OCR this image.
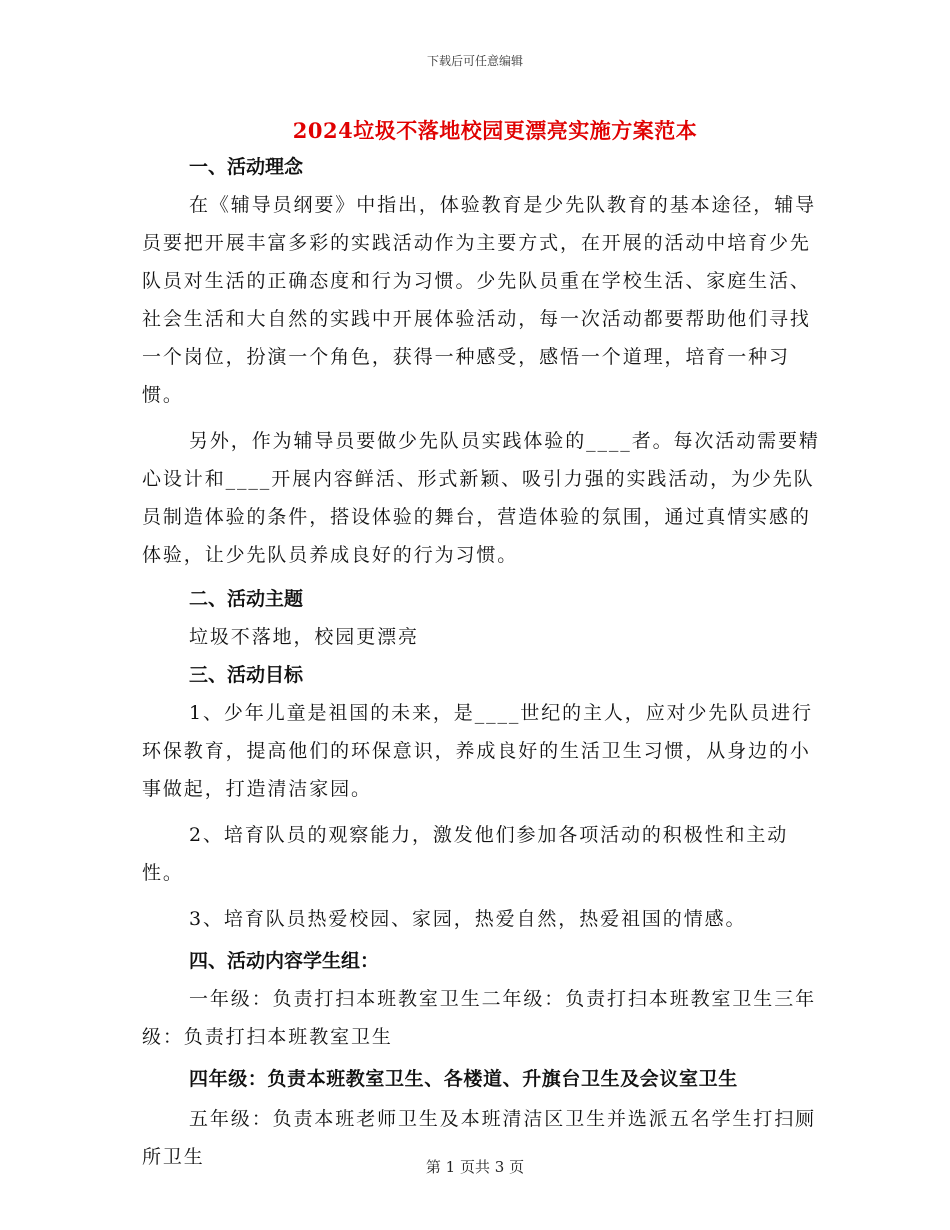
下载后可任意编辑
2024垃圾不落地校园更漂亮实施方案范本

一、活动理念

在《辅导员纲要》中指出，体验教育是少先队教育的基本途径，辅导员要把开展丰富多彩的实践活动作为主要方式，在开展的活动中培育少先队员对生活的正确态度和行为习惯。少先队员重在学校生活、家庭生活、社会生活和大自然的实践中开展体验活动，每一次活动都要帮助他们寻找一个岗位，扮演一个角色，获得一种感受，感悟一个道理，培育一种习惯。

另外，作为辅导员要做少先队员实践体验的____者。每次活动需要精心设计和____开展内容鲜活、形式新颖、吸引力强的实践活动，为少先队员制造体验的条件，搭设体验的舞台，营造体验的氛围，通过真情实感的体验，让少先队员养成良好的行为习惯。

二、活动主题

垃圾不落地，校园更漂亮

三、活动目标

1、少年儿童是祖国的未来，是____世纪的主人，应对少先队员进行环保教育，提高他们的环保意识，养成良好的生活卫生习惯，从身边的小事做起，打造清洁家园。

2、培育队员的观察能力，激发他们参加各项活动的积极性和主动性。

3、培育队员热爱校园、家园，热爱自然，热爱祖国的情感。

四、活动内容学生组：

一年级：负责打扫本班教室卫生二年级：负责打扫本班教室卫生三年级：负责打扫本班教室卫生

四年级：负责本班教室卫生、各楼道、升旗台卫生及会议室卫生

五年级：负责本班老师卫生及本班清洁区卫生并选派五名学生打扫厕所卫生	第 1 页共 3 页
